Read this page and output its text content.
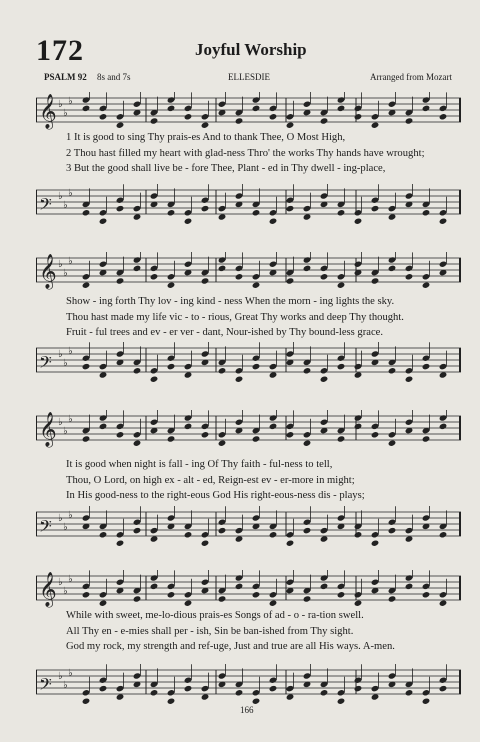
172	Joyful Worship
PSALM 92 8s and 7s	ELLESDIE	Arranged from Mozart
𝄞 ♭
♭
♭
1 It is good to sing Thy prais-es And to thank Thee, O Most High,
2 Thou hast filled my heart with glad-ness Thro' the works Thy hands have wrought;
3 But the good shall live be - fore Thee, Plant - ed in Thy dwell - ing-place,
𝄢 ♭
♭
♭
𝄞 ♭
♭
♭
Show - ing forth Thy lov - ing kind - ness When the morn - ing lights the sky.
Thou hast made my life vic - to - rious, Great Thy works and deep Thy thought.
Fruit - ful trees and ev - er ver - dant, Nour-ished by Thy bound-less grace.
𝄢 ♭
♭
♭
𝄞 ♭
♭
♭
It is good when night is fall - ing Of Thy faith - ful-ness to tell,
Thou, O Lord, on high ex - alt - ed, Reign-est ev - er-more in might;
In His good-ness to the right-eous God His right-eous-ness dis - plays;
𝄢 ♭
♭
♭
𝄞 ♭
♭
♭
While with sweet, me-lo-dious prais-es Songs of ad - o - ra-tion swell.
All Thy en - e-mies shall per - ish, Sin be ban-ished from Thy sight.
God my rock, my strength and ref-uge, Just and true are all His ways. A-men.
𝄢 ♭
♭
♭
166
